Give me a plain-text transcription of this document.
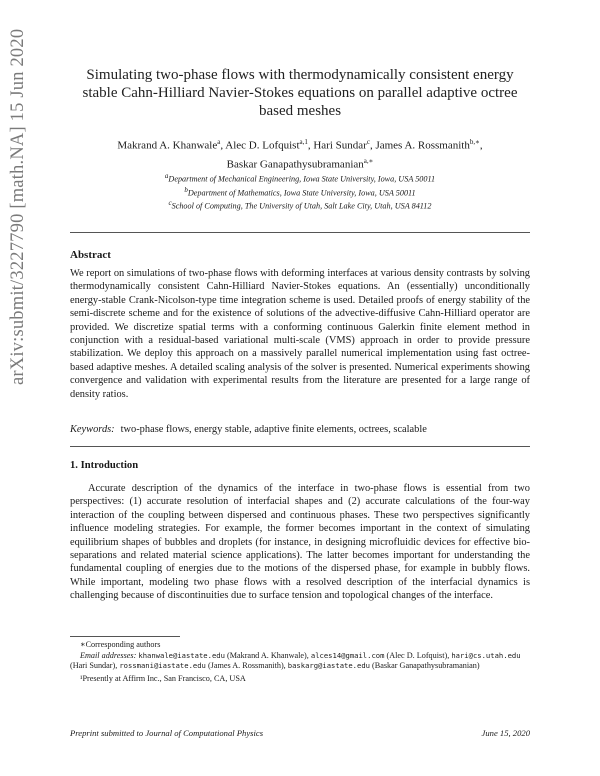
arXiv:submit/3227790 [math.NA] 15 Jun 2020	Simulating two-phase flows with thermodynamically consistent energy stable Cahn-Hilliard Navier-Stokes equations on parallel adaptive octree based meshes
Makrand A. Khanwale$^a$, Alec D. Lofquist$^{a,1}$, Hari Sundar$^c$, James A. Rossmanith$^{b,∗}$,
Baskar Ganapathysubramanian$^{a,∗}$
$^a$Department of Mechanical Engineering, Iowa State University, Iowa, USA 50011
$^b$Department of Mathematics, Iowa State University, Iowa, USA 50011
$^c$School of Computing, The University of Utah, Salt Lake City, Utah, USA 84112
Abstract
We report on simulations of two-phase flows with deforming interfaces at various density contrasts by solving thermodynamically consistent Cahn-Hilliard Navier-Stokes equations. An (essentially) unconditionally energy-stable Crank-Nicolson-type time integration scheme is used. Detailed proofs of energy stability of the semi-discrete scheme and for the existence of solutions of the advective-diffusive Cahn-Hilliard operator are provided. We discretize spatial terms with a conforming continuous Galerkin finite element method in conjunction with a residual-based variational multi-scale (VMS) approach in order to provide pressure stabilization. We deploy this approach on a massively parallel numerical implementation using fast octree-based adaptive meshes. A detailed scaling analysis of the solver is presented. Numerical experiments showing convergence and validation with experimental results from the literature are presented for a large range of density ratios.
Keywords: two-phase flows, energy stable, adaptive finite elements, octrees, scalable
1. Introduction
Accurate description of the dynamics of the interface in two-phase flows is essential from two perspectives: (1) accurate resolution of interfacial shapes and (2) accurate calculations of the four-way interaction of the coupling between dispersed and continuous phases. These two perspectives significantly influence modeling strategies. For example, the former becomes important in the context of simulating equilibrium shapes of bubbles and droplets (for instance, in designing microfluidic devices for effective bio-separations and related material science applications). The latter becomes important for understanding the fundamental coupling of energies due to the motions of the dispersed phase, for example in bubbly flows. While important, modeling two phase flows with a resolved description of the interfacial dynamics is challenging because of discontinuities due to surface tension and topological changes of the interface.
∗Corresponding authors
Email addresses: khanwale@iastate.edu (Makrand A. Khanwale), alces14@gmail.com (Alec D. Lofquist), hari@cs.utah.edu (Hari Sundar), rossmani@iastate.edu (James A. Rossmanith), baskarg@iastate.edu (Baskar Ganapathysubramanian)
¹Presently at Affirm Inc., San Francisco, CA, USA
Preprint submitted to Journal of Computational Physics	June 15, 2020
